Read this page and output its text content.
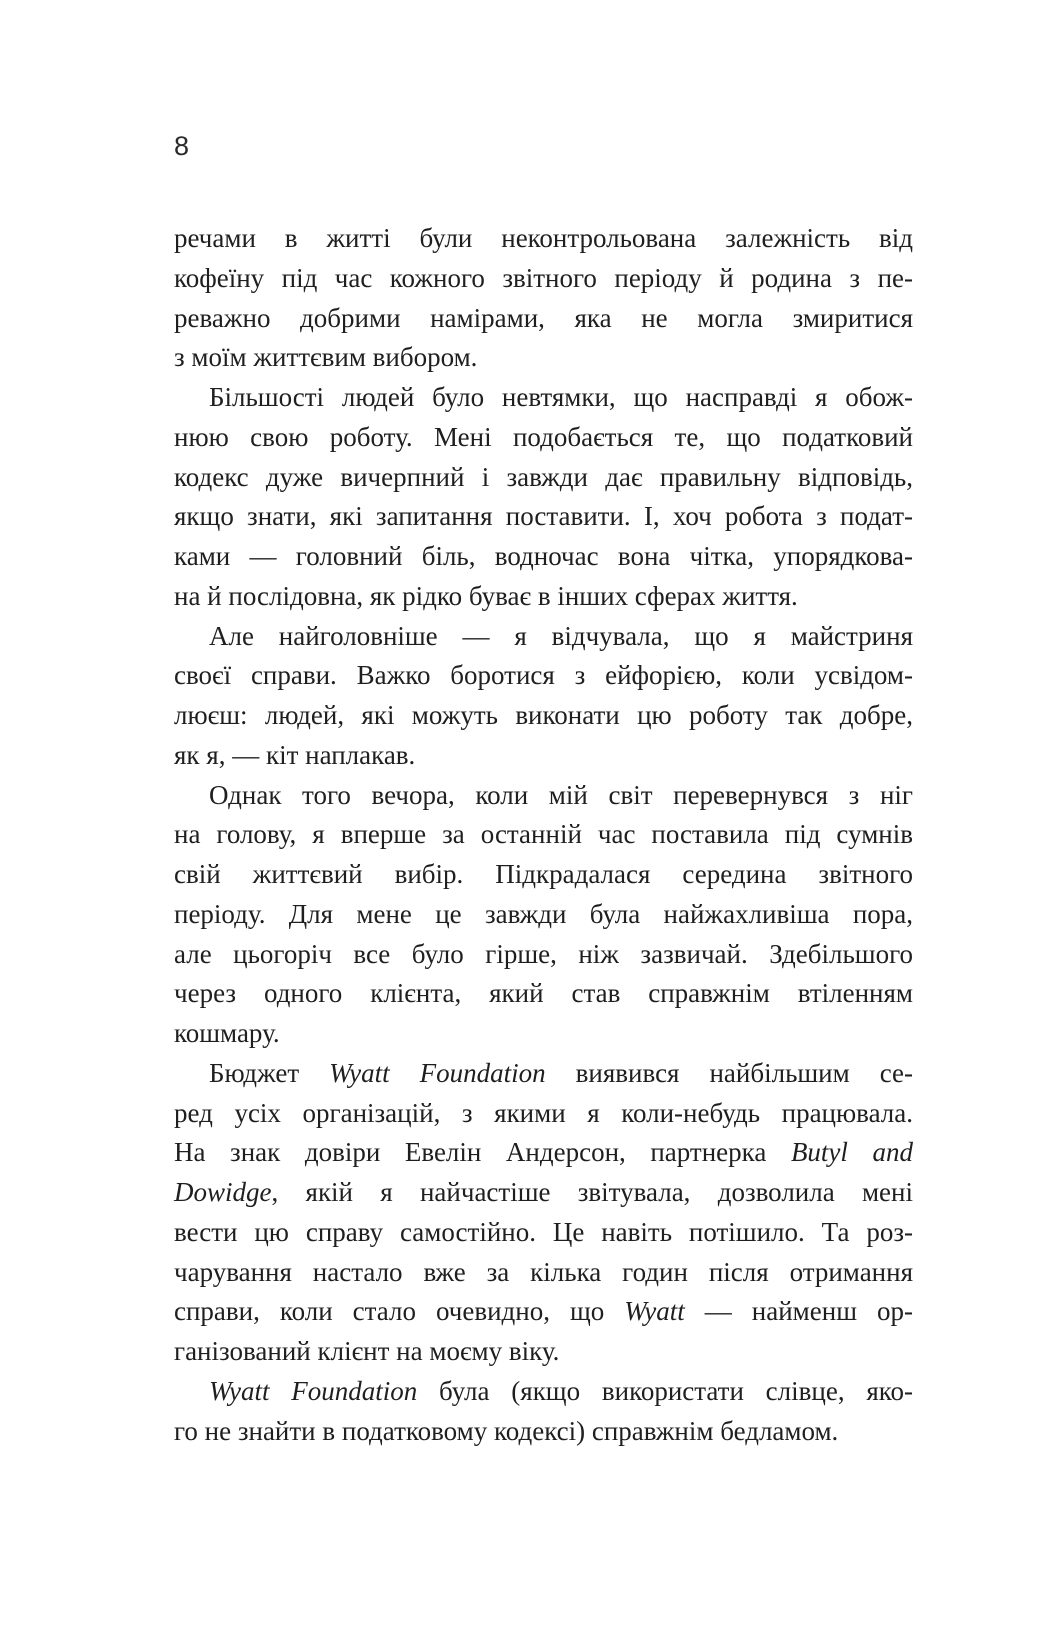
8

речами в житті були неконтрольована залежність від
кофеїну під час кожного звітного періоду й родина з пе-
реважно добрими намірами, яка не могла змиритися
з моїм життєвим вибором.

Більшості людей було невтямки, що насправді я обож-
нюю свою роботу. Мені подобається те, що податковий
кодекс дуже вичерпний і завжди дає правильну відповідь,
якщо знати, які запитання поставити. І, хоч робота з подат-
ками — головний біль, водночас вона чітка, упорядкова-
на й послідовна, як рідко буває в інших сферах життя.

Але найголовніше — я відчувала, що я майстриня
своєї справи. Важко боротися з ейфорією, коли усвідом-
люєш: людей, які можуть виконати цю роботу так добре,
як я, — кіт наплакав.

Однак того вечора, коли мій світ перевернувся з ніг
на голову, я вперше за останній час поставила під сумнів
свій життєвий вибір. Підкрадалася середина звітного
періоду. Для мене це завжди була найжахливіша пора,
але цьогоріч все було гірше, ніж зазвичай. Здебільшого
через одного клієнта, який став справжнім втіленням
кошмару.

Бюджет Wyatt Foundation виявився найбільшим се-
ред усіх організацій, з якими я коли-небудь працювала.
На знак довіри Евелін Андерсон, партнерка Butyl and
Dowidge, якій я найчастіше звітувала, дозволила мені
вести цю справу самостійно. Це навіть потішило. Та роз-
чарування настало вже за кілька годин після отримання
справи, коли стало очевидно, що Wyatt — найменш ор-
ганізований клієнт на моєму віку.

Wyatt Foundation була (якщо використати слівце, яко-
го не знайти в податковому кодексі) справжнім бедламом.
